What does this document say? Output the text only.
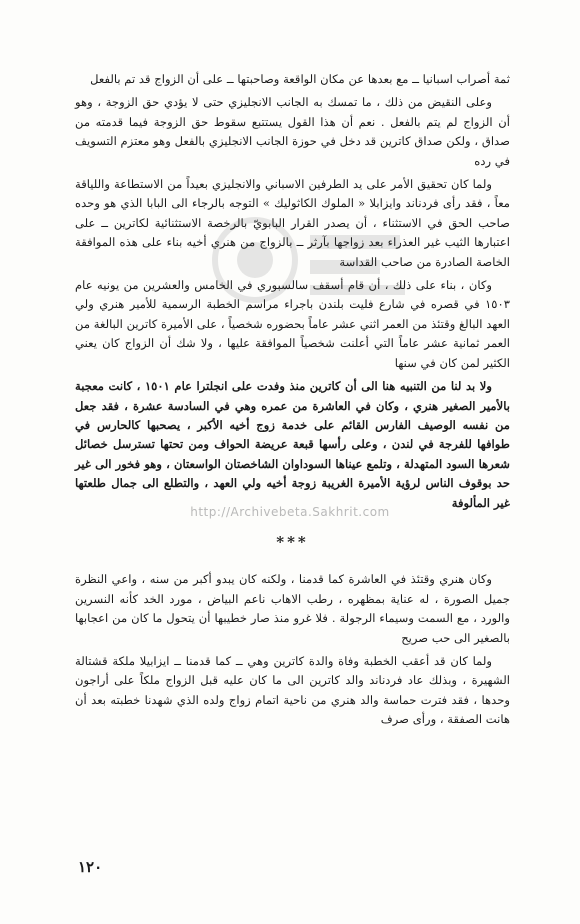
ثمة أصراب اسبانيا ــ مع بعدها عن مكان الواقعة وصاحبتها ــ على أن الزواج قد تم بالفعل

وعلى النقيض من ذلك ، ما تمسك به الجانب الانجليزي حتى لا يؤدي حق الزوجة ، وهو أن الزواج لم يتم بالفعل . نعم أن هذا القول يستتبع سقوط حق الزوجة فيما قدمته من صداق ، ولكن صداق كاترين قد دخل في حوزة الجانب الانجليزي بالفعل وهو معتزم التسويف في رده

ولما كان تحقيق الأمر على يد الطرفين الاسباني والانجليزي بعيداً من الاستطاعة واللياقة معاً ، فقد رأى فردناند وايزابلا « الملوك الكاثوليك » التوجه بالرجاء الى البابا الذي هو وحده صاحب الحق في الاستثناء ، أن يصدر القرار البابويّ بالرخصة الاستثنائية لكاترين ــ على اعتبارها الثيب غير العذراء بعد زواجها بآرثر ــ بالزواج من هنري أخيه بناء على هذه الموافقة الخاصة الصادرة من صاحب القداسة

وكان ، بناء على ذلك ، أن قام أسقف سالسبوري في الخامس والعشرين من يونيه عام ١٥٠٣ في قصره في شارع فليت بلندن باجراء مراسم الخطبة الرسمية للأمير هنري ولي العهد البالغ وقتئذ من العمر اثني عشر عاماً بحضوره شخصياً ، على الأميرة كاترين البالغة من العمر ثمانية عشر عاماً التي أعلنت شخصياً الموافقة عليها ، ولا شك أن الزواج كان يعني الكثير لمن كان في سنها

ولا بد لنا من التنبيه هنا الى أن كاترين منذ وفدت على انجلترا عام ١٥٠١ ، كانت معجبة بالأمير الصغير هنري ، وكان في العاشرة من عمره وهي في السادسة عشرة ، فقد جعل من نفسه الوصيف الفارس القائم على خدمة زوج أخيه الأكبر ، يصحبها كالحارس في طوافها للفرجة في لندن ، وعلى رأسها قبعة عريضة الحواف ومن تحتها تسترسل خصائل شعرها السود المتهدلة ، وتلمع عيناها السوداوان الشاخصتان الواسعتان ، وهو فخور الى غير حد بوقوف الناس لرؤية الأميرة الغريبة زوجة أخيه ولي العهد ، والتطلع الى جمال طلعتها غير المألوفة

***

وكان هنري وقتئذ في العاشرة كما قدمنا ، ولكنه كان يبدو أكبر من سنه ، واعي النظرة جميل الصورة ، له عناية بمظهره ، رطب الاهاب ناعم البياض ، مورد الخد كأنه النسرين والورد ، مع السمت وسيماء الرجولة . فلا غرو منذ صار خطيبها أن يتحول ما كان من اعجابها بالصغير الى حب صريح

ولما كان قد أعقب الخطبة وفاة والدة كاترين وهي ــ كما قدمنا ــ ايزابيلا ملكة قشتالة الشهيرة ، وبذلك عاد فردناند والد كاترين الى ما كان عليه قبل الزواج ملكاً على أراجون وحدها ، فقد فترت حماسة والد هنري من ناحية اتمام زواج ولده الذي شهدنا خطبته بعد أن هانت الصفقة ، ورأى صرف

http://Archivebeta.Sakhrit.com
١٢٠
